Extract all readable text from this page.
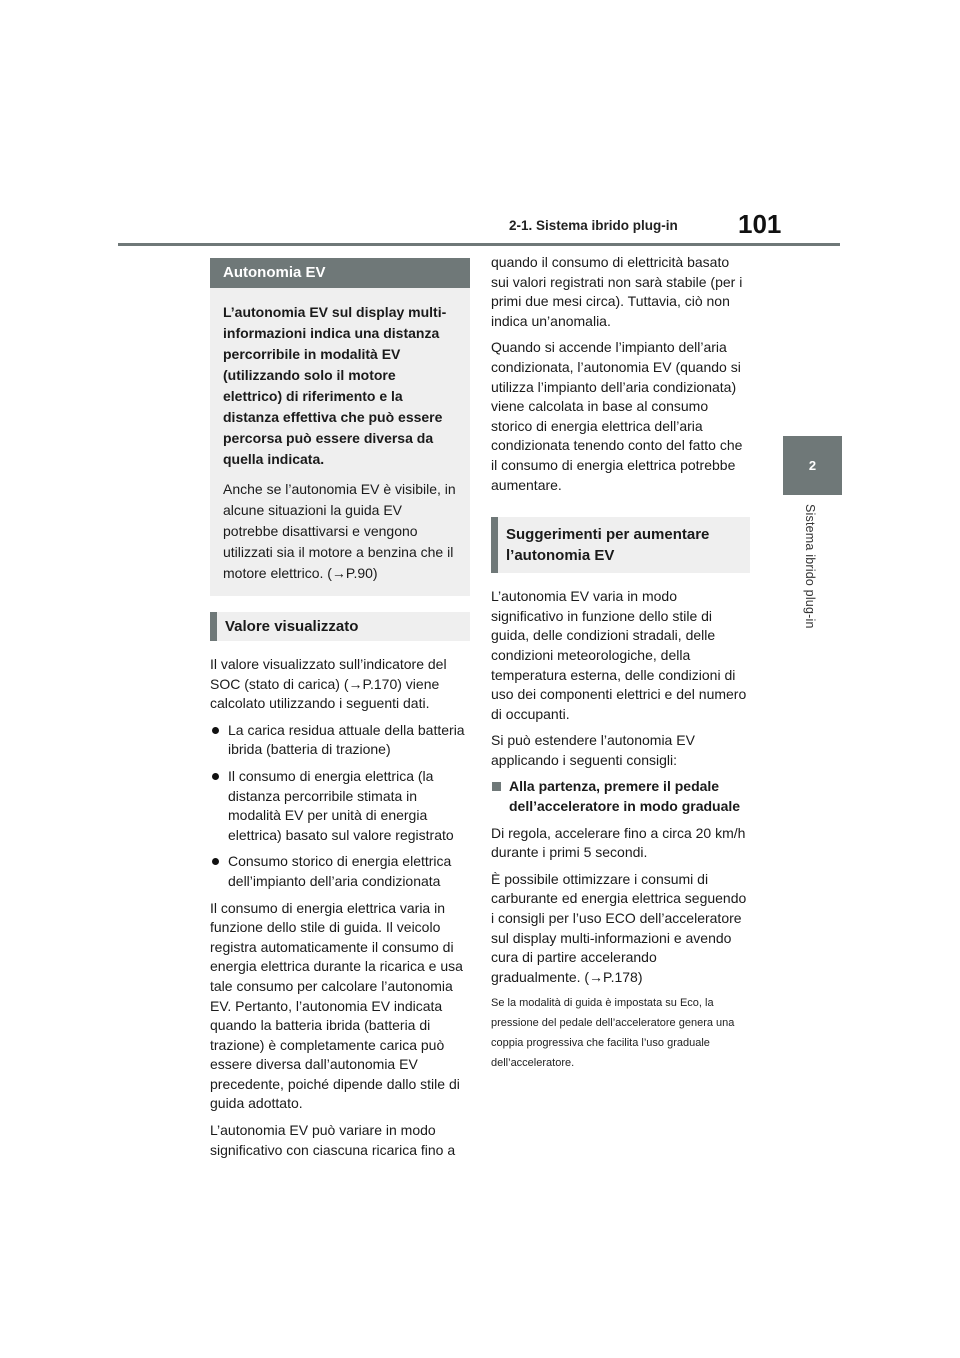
2-1. Sistema ibrido plug-in 101
2
Sistema ibrido plug-in
Autonomia EV
L’autonomia EV sul display multi-informazioni indica una distanza percorribile in modalità EV (utilizzando solo il motore elettrico) di riferimento e la distanza effettiva che può essere percorsa può essere diversa da quella indicata.
Anche se l’autonomia EV è visibile, in alcune situazioni la guida EV potrebbe disattivarsi e vengono utilizzati sia il motore a benzina che il motore elettrico. (→P.90)
Valore visualizzato

Il valore visualizzato sull’indicatore del SOC (stato di carica) (→P.170) viene calcolato utilizzando i seguenti dati.

La carica residua attuale della batteria ibrida (batteria di trazione)
Il consumo di energia elettrica (la distanza percorribile stimata in modalità EV per unità di energia elettrica) basato sul valore registrato
Consumo storico di energia elettrica dell’impianto dell’aria condizionata

Il consumo di energia elettrica varia in funzione dello stile di guida. Il veicolo registra automaticamente il consumo di energia elettrica durante la ricarica e usa tale consumo per calcolare l’autonomia EV. Pertanto, l’autonomia EV indicata quando la batteria ibrida (batteria di trazione) è completamente carica può essere diversa dall’autonomia EV precedente, poiché dipende dallo stile di guida adottato.

L’autonomia EV può variare in modo significativo con ciascuna ricarica fino a

quando il consumo di elettricità basato sui valori registrati non sarà stabile (per i primi due mesi circa). Tuttavia, ciò non indica un’anomalia.

Quando si accende l’impianto dell’aria condizionata, l’autonomia EV (quando si utilizza l’impianto dell’aria condizionata) viene calcolata in base al consumo storico di energia elettrica dell’aria condizionata tenendo conto del fatto che il consumo di energia elettrica potrebbe aumentare.

Suggerimenti per aumentare l’autonomia EV

L’autonomia EV varia in modo significativo in funzione dello stile di guida, delle condizioni stradali, delle condizioni meteorologiche, della temperatura esterna, delle condizioni di uso dei componenti elettrici e del numero di occupanti.

Si può estendere l’autonomia EV applicando i seguenti consigli:

Alla partenza, premere il pedale dell’acceleratore in modo graduale

Di regola, accelerare fino a circa 20 km/h durante i primi 5 secondi.

È possibile ottimizzare i consumi di carburante ed energia elettrica seguendo i consigli per l’uso ECO dell’acceleratore sul display multi-informazioni e avendo cura di partire accelerando gradualmente. (→P.178)

Se la modalità di guida è impostata su Eco, la pressione del pedale dell’acceleratore genera una coppia progressiva che facilita l’uso graduale dell’acceleratore.
